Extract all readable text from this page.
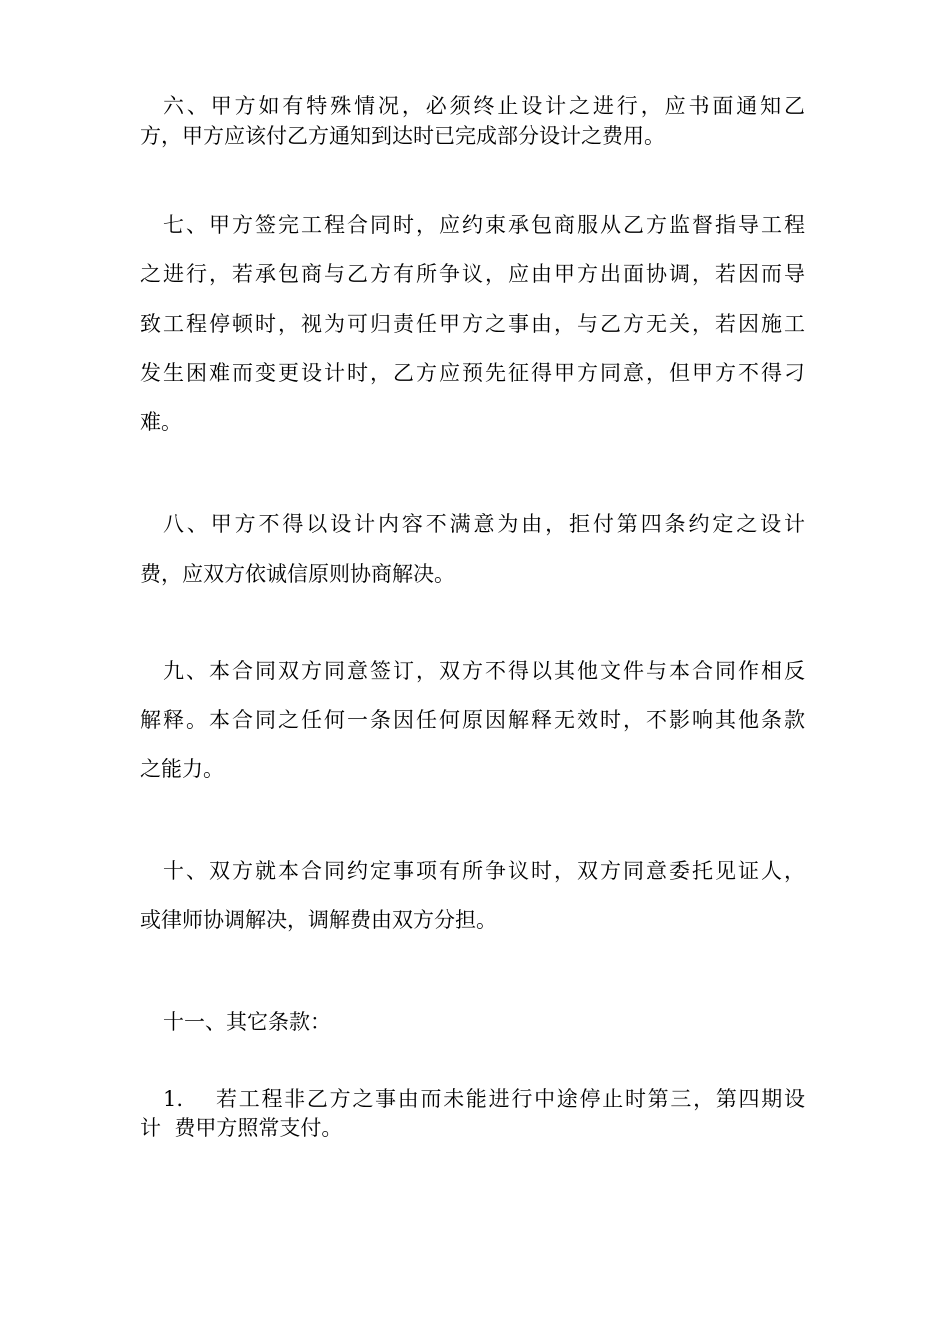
六、甲方如有特殊情况，必须终止设计之进行，应书面通知乙
方，甲方应该付乙方通知到达时已完成部分设计之费用。
七、甲方签完工程合同时，应约束承包商服从乙方监督指导工程
之进行，若承包商与乙方有所争议，应由甲方出面协调，若因而导
致工程停顿时，视为可归责任甲方之事由，与乙方无关，若因施工
发生困难而变更设计时，乙方应预先征得甲方同意，但甲方不得刁
难。
八、甲方不得以设计内容不满意为由，拒付第四条约定之设计
费，应双方依诚信原则协商解决。
九、本合同双方同意签订，双方不得以其他文件与本合同作相反
解释。本合同之任何一条因任何原因解释无效时，不影响其他条款
之能力。
十、双方就本合同约定事项有所争议时，双方同意委托见证人，
或律师协调解决，调解费由双方分担。
十一、其它条款：
1.	若工程非乙方之事由而未能进行中途停止时第三，第四期设
计  费甲方照常支付。
